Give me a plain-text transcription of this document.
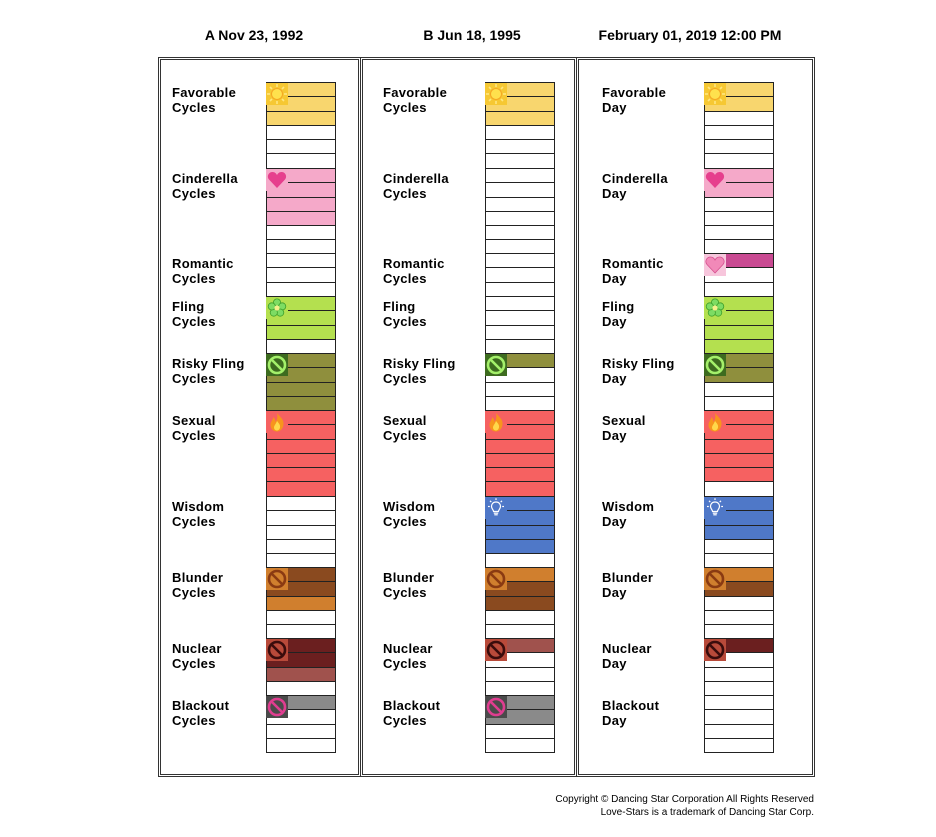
A Nov 23, 1992	B Jun 18, 1995	February 01, 2019 12:00 PM
Copyright © Dancing Star Corporation All Rights Reserved
Love-Stars is a trademark of Dancing Star Corp.
Favorable
Cycles
Cinderella
Cycles
Romantic
Cycles
Fling
Cycles
Risky Fling
Cycles
Sexual
Cycles
Wisdom
Cycles
Blunder
Cycles
Nuclear
Cycles
Blackout
Cycles
Favorable
Cycles
Cinderella
Cycles
Romantic
Cycles
Fling
Cycles
Risky Fling
Cycles
Sexual
Cycles
Wisdom
Cycles
Blunder
Cycles
Nuclear
Cycles
Blackout
Cycles
Favorable
Day
Cinderella
Day
Romantic
Day
Fling
Day
Risky Fling
Day
Sexual
Day
Wisdom
Day
Blunder
Day
Nuclear
Day
Blackout
Day
